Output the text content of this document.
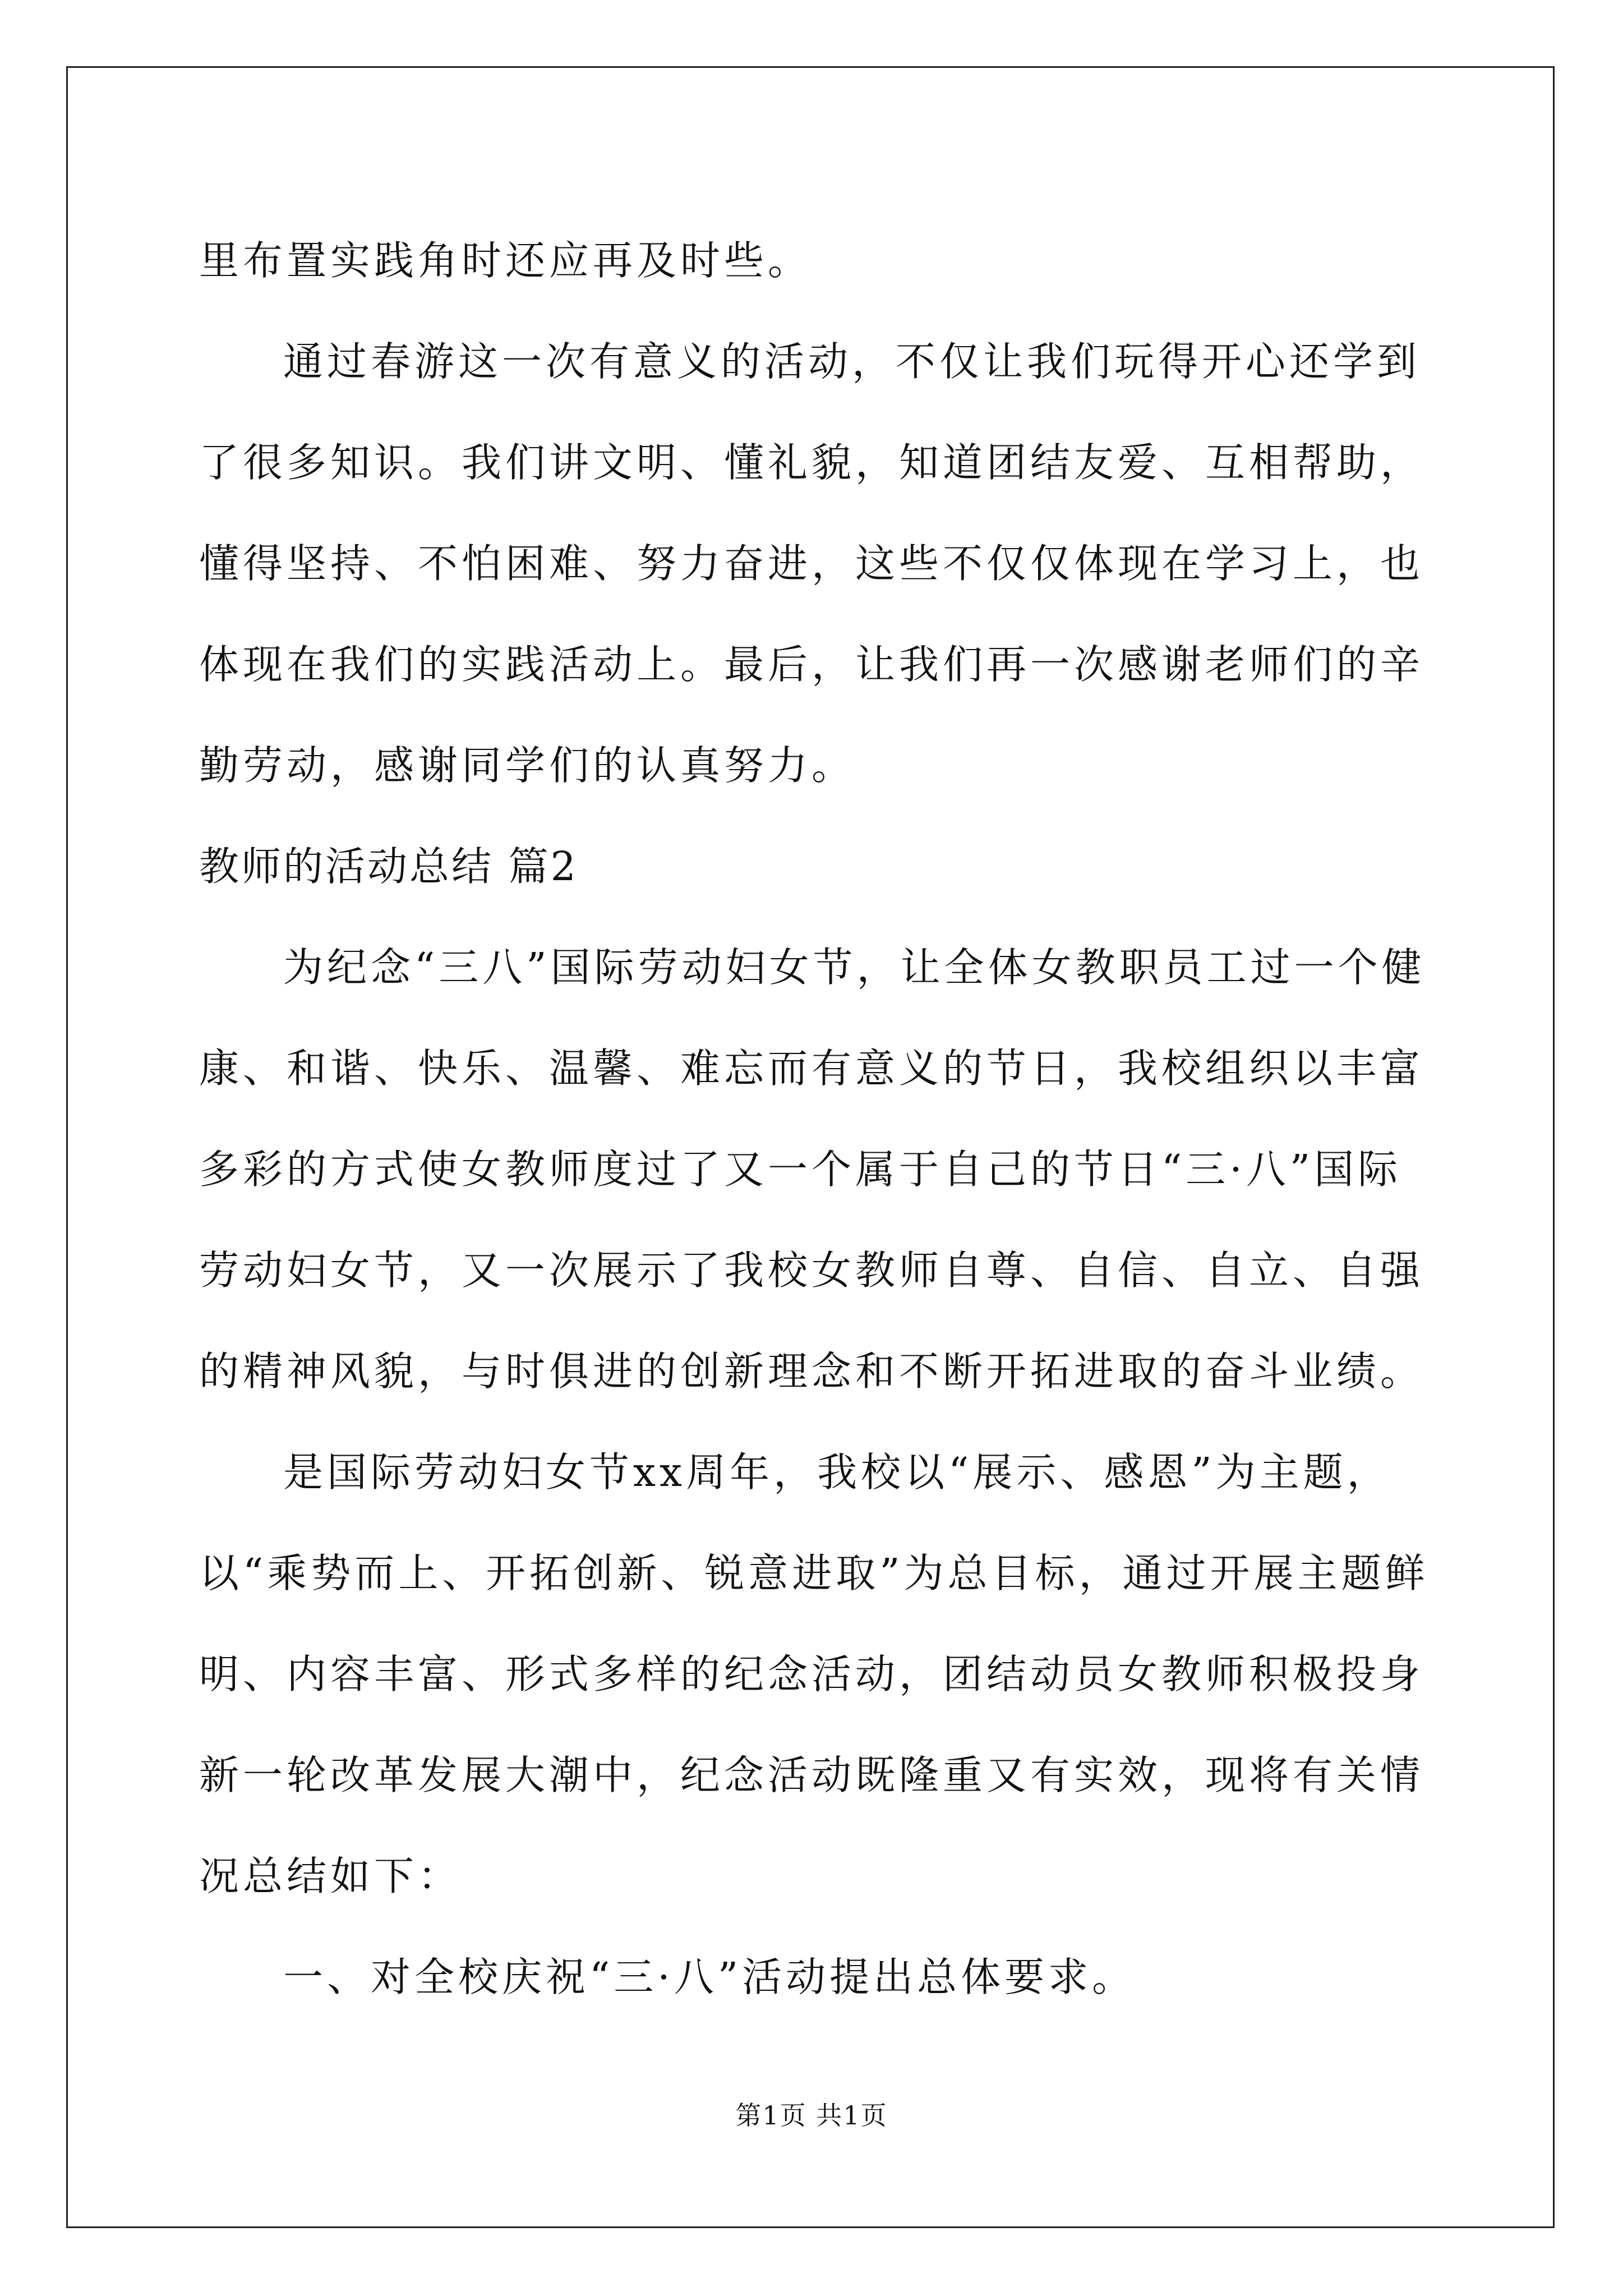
里布置实践角时还应再及时些。

通过春游这一次有意义的活动，不仅让我们玩得开心还学到了很多知识。我们讲文明、懂礼貌，知道团结友爱、互相帮助，懂得坚持、不怕困难、努力奋进，这些不仅仅体现在学习上，也体现在我们的实践活动上。最后，让我们再一次感谢老师们的辛勤劳动，感谢同学们的认真努力。

教师的活动总结 篇2

为纪念“三八”国际劳动妇女节，让全体女教职员工过一个健康、和谐、快乐、温馨、难忘而有意义的节日，我校组织以丰富多彩的方式使女教师度过了又一个属于自己的节日“三·八”国际劳动妇女节，又一次展示了我校女教师自尊、自信、自立、自强的精神风貌，与时俱进的创新理念和不断开拓进取的奋斗业绩。

是国际劳动妇女节xx周年，我校以“展示、感恩”为主题，以“乘势而上、开拓创新、锐意进取”为总目标，通过开展主题鲜明、内容丰富、形式多样的纪念活动，团结动员女教师积极投身新一轮改革发展大潮中，纪念活动既隆重又有实效，现将有关情况总结如下：

一、对全校庆祝“三·八”活动提出总体要求。

第1页 共1页
